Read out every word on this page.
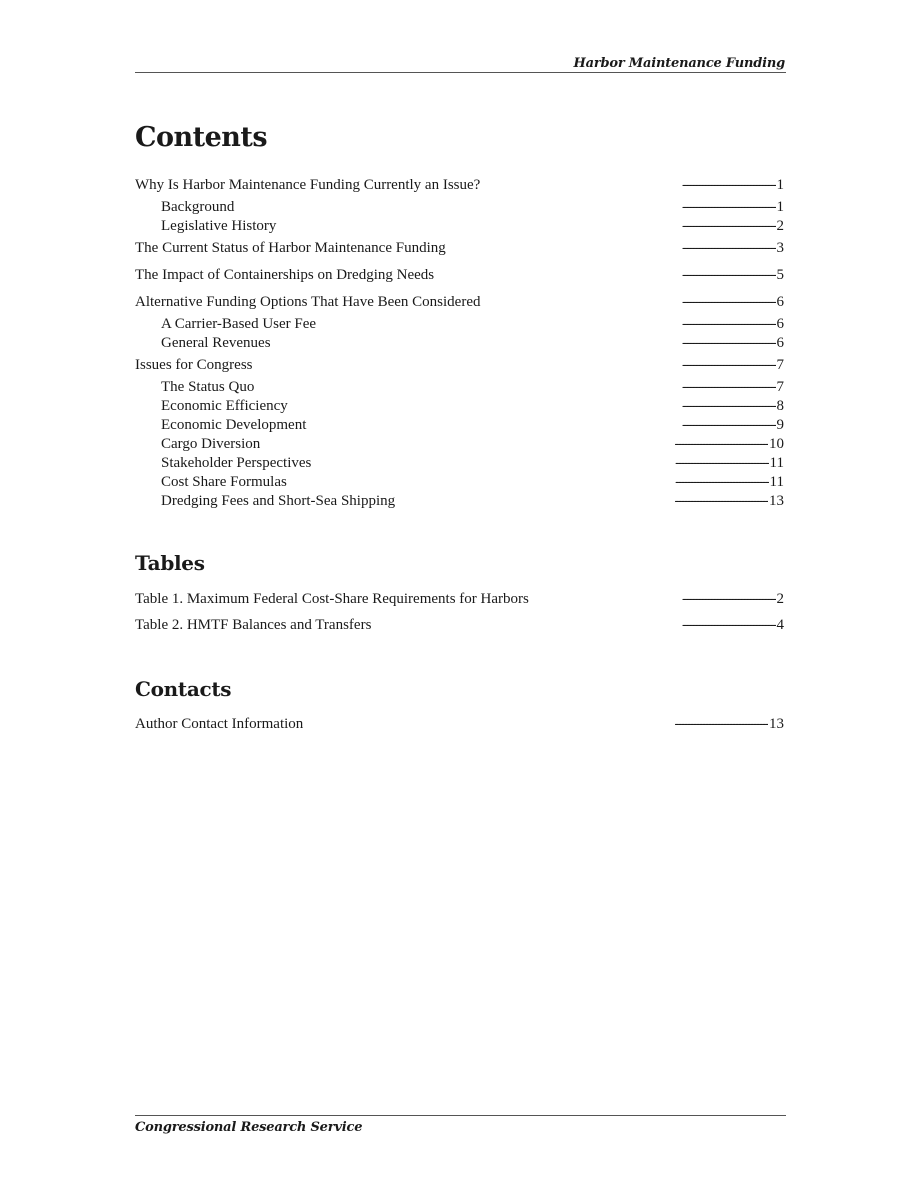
Harbor Maintenance Funding
Contents
Why Is Harbor Maintenance Funding Currently an Issue? . . .	1
Background . . .	1
Legislative History . . .	2
The Current Status of Harbor Maintenance Funding . . .	3
The Impact of Containerships on Dredging Needs . . .	5
Alternative Funding Options That Have Been Considered . . .	6
A Carrier-Based User Fee . . .	6
General Revenues . . .	6
Issues for Congress . . .	7
The Status Quo . . .	7
Economic Efficiency . . .	8
Economic Development . . .	9
Cargo Diversion . . .	10
Stakeholder Perspectives . . .	11
Cost Share Formulas . . .	11
Dredging Fees and Short-Sea Shipping . . .	13
Tables
Table 1. Maximum Federal Cost-Share Requirements for Harbors . . .	2
Table 2. HMTF Balances and Transfers . . .	4
Contacts
Author Contact Information . . .	13
Congressional Research Service
